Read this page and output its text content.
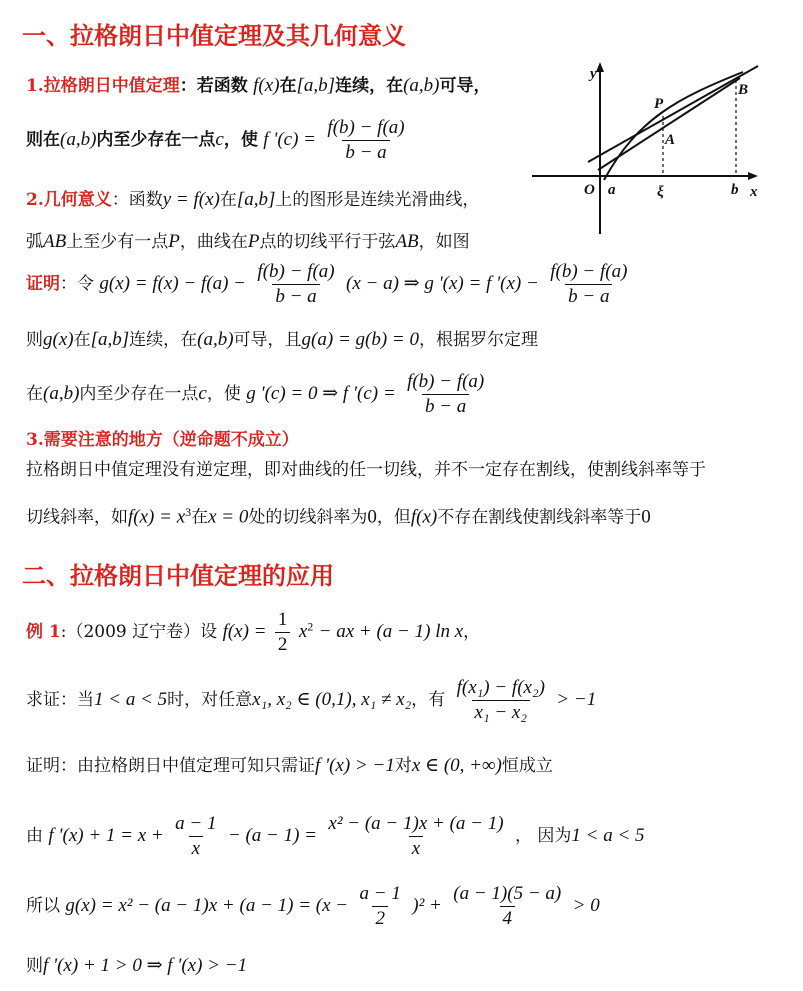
一、拉格朗日中值定理及其几何意义
1.拉格朗日中值定理：若函数 f(x)在[a,b]连续，在(a,b)可导，
则在(a,b)内至少存在一点c，使 f '$(c) = \frac{f(b) - f(a)}{b - a}$
2.几何意义：函数y = f(x)在[a,b]上的图形是连续光滑曲线，
弧AB上至少有一点P，曲线在P点的切线平行于弦AB，如图
证明：令 $g(x) = f(x) - f(a) - \frac{f(b) - f(a)}{b - a} (x - a)$ ⇒ g '(x) = f '$(x) - \frac{f(b) - f(a)}{b - a}$
则g(x)在[a,b]连续，在(a,b)可导，且g(a) = g(b) = 0，根据罗尔定理
在(a,b)内至少存在一点c，使 g '(c) = 0 ⇒ f '$(c) = \frac{f(b) - f(a)}{b - a}$
3.需要注意的地方（逆命题不成立）
拉格朗日中值定理没有逆定理，即对曲线的任一切线，并不一定存在割线，使割线斜率等于
切线斜率，如$f(x) = x^3$在x = 0处的切线斜率为0，但f(x)不存在割线使割线斜率等于0
y
x
O a	ξ	b
P
A
B
二、拉格朗日中值定理的应用
例 1:（2009 辽宁卷）设 $f(x) = \frac{1}{2} x^2$ − ax + (a − 1) ln x，
求证：当1 < a < 5时，对任意x₁, x₂ ∈ (0,1), x₁ ≠ x₂，有 $\frac{\text{f(x₁) − f(x₂)}}{\text{x₁ − x₂}} > -1$
证明：由拉格朗日中值定理可知只需证f '(x) > −1对x ∈ (0, +∞)恒成立
由 f '$(x) + 1 = x + \frac{a - 1}{x} - (a - 1) = \frac{\text{x² − (a − 1)x + (a − 1)}}{x}$ ， 因为1 < a < 5
所以 $g(x) = x^2 - (a - 1)x + (a - 1) = (x - \frac{a - 1}{2} )^2 + \frac{(a - 1)(5 - a)}{4} > 0$
则f '(x) + 1 > 0 ⇒ f '(x) > −1
